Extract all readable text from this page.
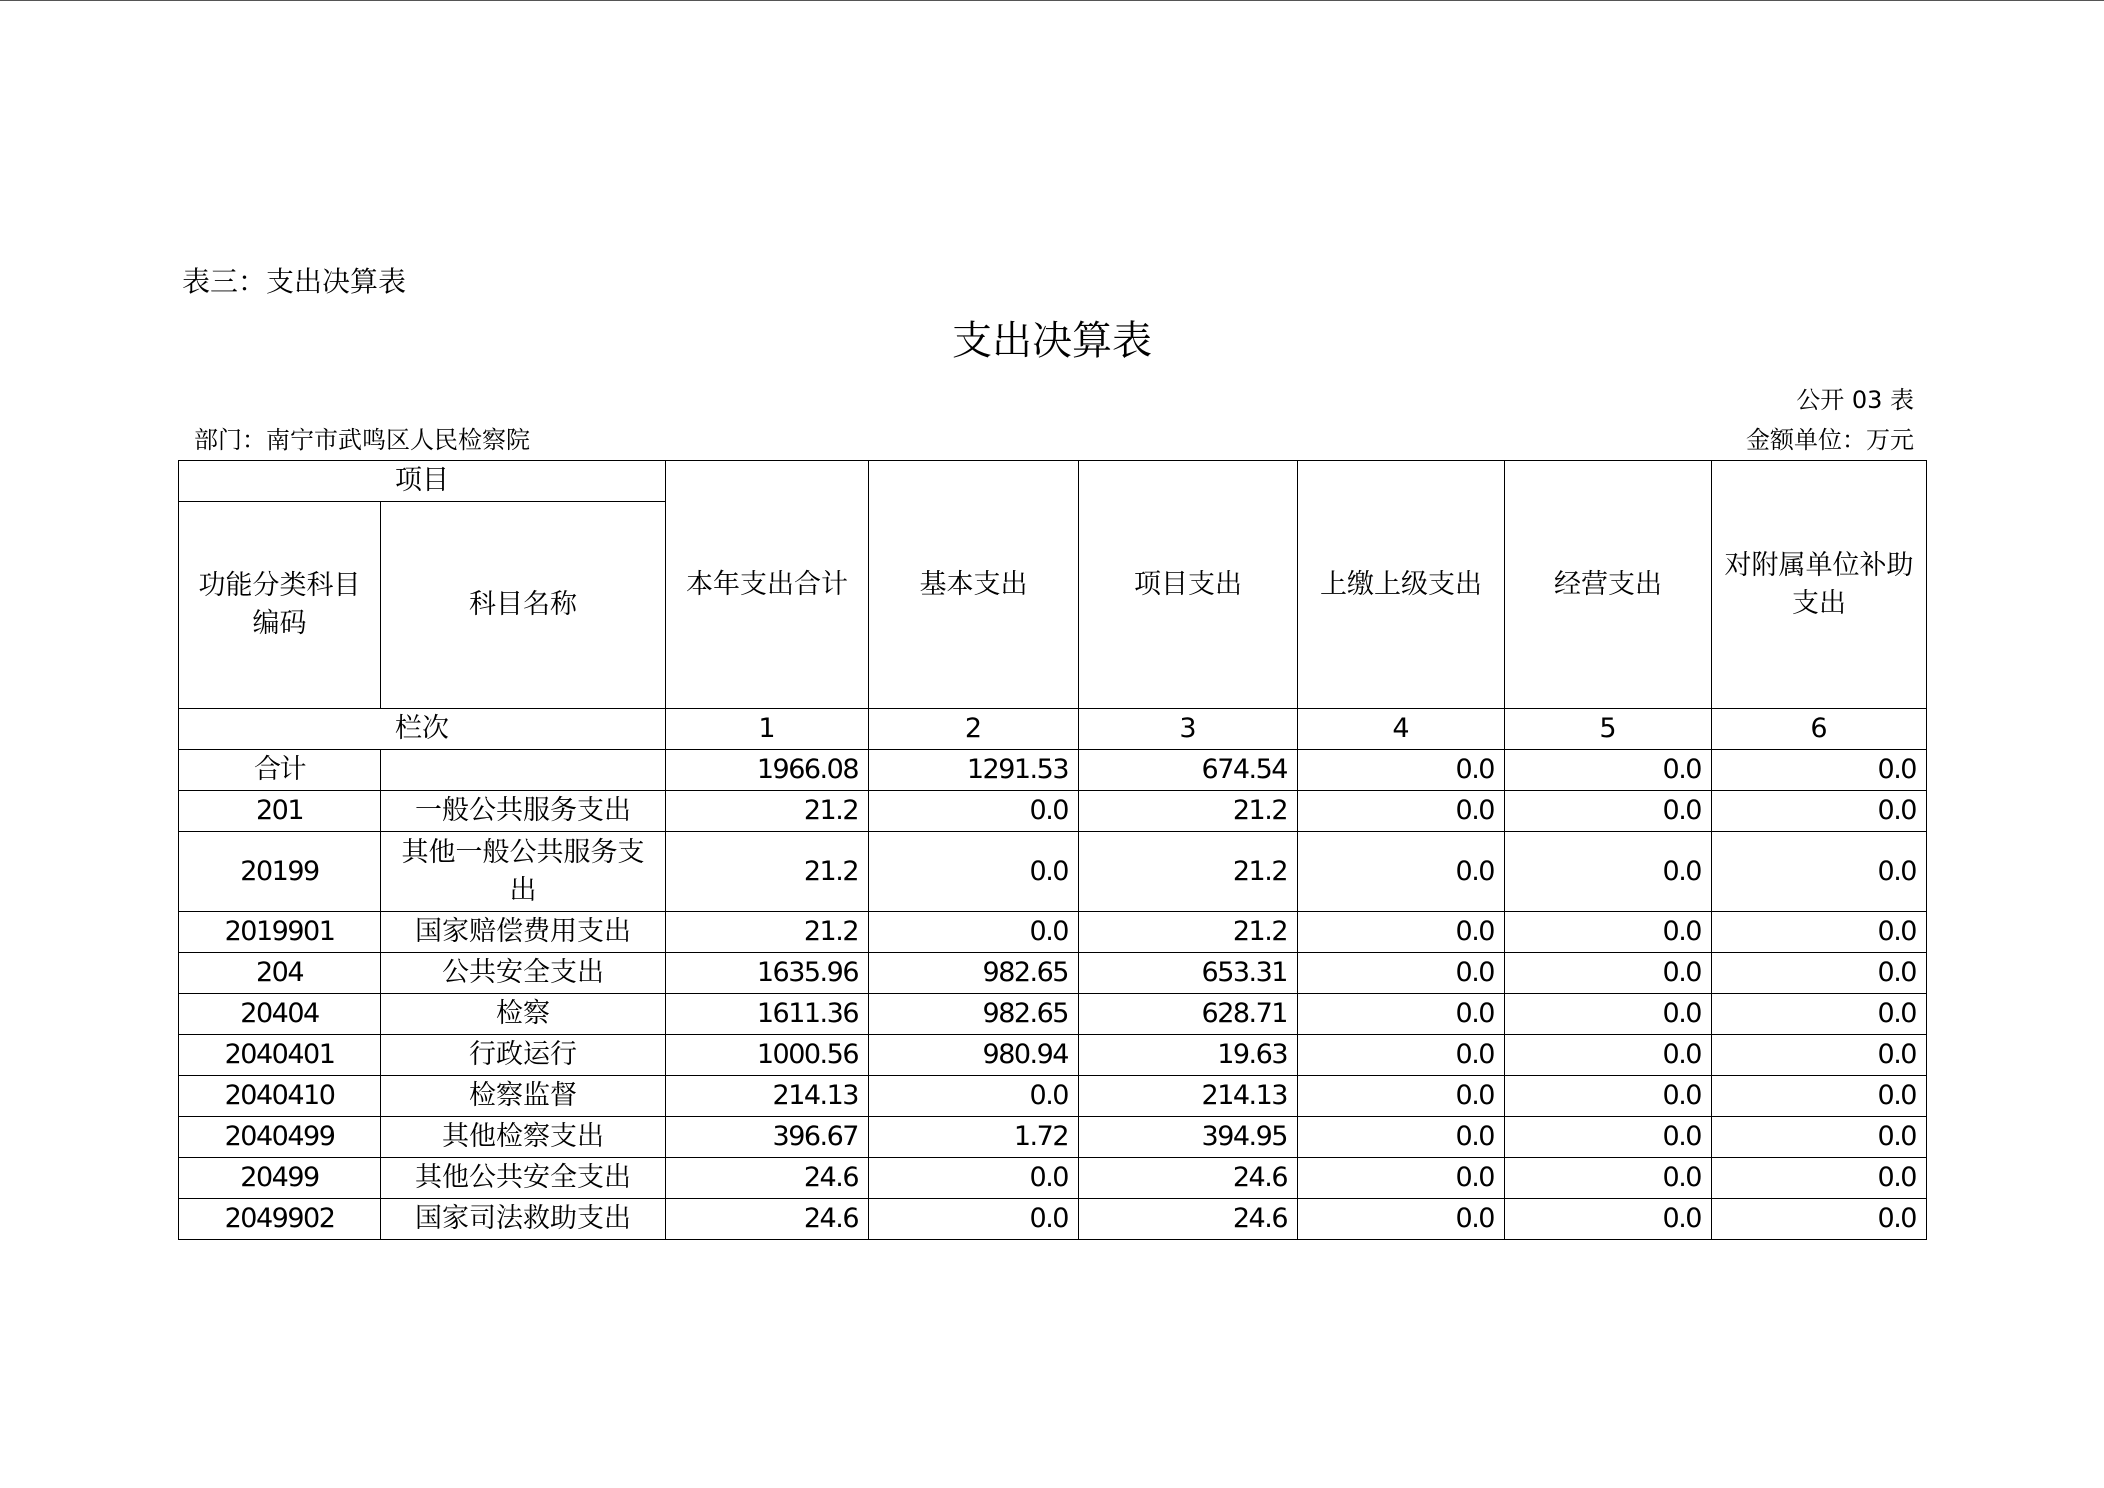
表三：支出决算表
支出决算表
公开 03 表
部门：南宁市武鸣区人民检察院	金额单位：万元
项目		本年支出合计	基本支出	项目支出	上缴上级支出	经营支出	对附属单位补助支出
功能分类科目编码	科目名称						
栏次		1	2	3	4	5	6
合计		1966.08	1291.53	674.54	0.0	0.0	0.0
201	一般公共服务支出	21.2	0.0	21.2	0.0	0.0	0.0
20199	其他一般公共服务支出	21.2	0.0	21.2	0.0	0.0	0.0
2019901	国家赔偿费用支出	21.2	0.0	21.2	0.0	0.0	0.0
204	公共安全支出	1635.96	982.65	653.31	0.0	0.0	0.0
20404	检察	1611.36	982.65	628.71	0.0	0.0	0.0
2040401	行政运行	1000.56	980.94	19.63	0.0	0.0	0.0
2040410	检察监督	214.13	0.0	214.13	0.0	0.0	0.0
2040499	其他检察支出	396.67	1.72	394.95	0.0	0.0	0.0
20499	其他公共安全支出	24.6	0.0	24.6	0.0	0.0	0.0
2049902	国家司法救助支出	24.6	0.0	24.6	0.0	0.0	0.0
